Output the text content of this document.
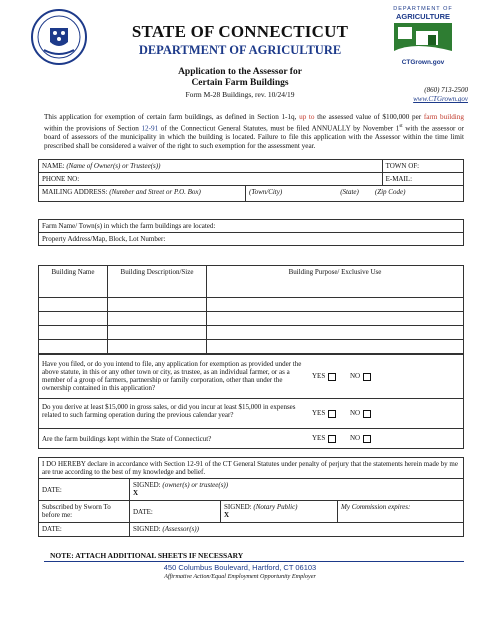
STATE OF CONNECTICUT
DEPARTMENT OF AGRICULTURE
DEPARTMENT OF
AGRICULTURE
CTGrown.gov
Application to the Assessor for
Certain Farm Buildings
Form M-28 Buildings, rev. 10/24/19	(860) 713-2500
www.CTGrown.gov
This application for exemption of certain farm buildings, as defined in Section 1-1q, up to the assessed value of $100,000 per farm building within the provisions of Section 12-91 of the Connecticut General Statutes, must be filed ANNUALLY by November 1st with the assessor or board of assessors of the municipality in which the building is located. Failure to file this application with the Assessor within the time limit prescribed shall be considered a waiver of the right to such exemption for the assessment year.
NAME: (Name of Owner(s) or Trustee(s))		TOWN OF:
PHONE NO:		E-MAIL:
MAILING ADDRESS: (Number and Street or P.O. Box)	(Town/City) (State) (Zip Code)	
Farm Name/ Town(s) in which the farm buildings are located:
Property Address/Map, Block, Lot Number:
Building Name	Building Description/Size	Building Purpose/ Exclusive Use

Have you filed, or do you intend to file, any application for exemption as provided under the above statute, in this or any other town or city, as trustee, as an individual farmer, or as a member of a group of farmers, partnership or family corporation, other than under the ownership contained in this application?	YES NO
Do you derive at least $15,000 in gross sales, or did you incur at least $15,000 in expenses related to such farming operation during the previous calendar year?	YES NO
Are the farm buildings kept within the State of Connecticut?	YES NO
I DO HEREBY declare in accordance with Section 12-91 of the CT General Statutes under penalty of perjury that the statements herein made by me are true according to the best of my knowledge and belief.			
DATE:	SIGNED: (owner(s) or trustee(s))
X		
Subscribed by Sworn To before me:	DATE:	SIGNED: (Notary Public)
X	My Commission expires:
DATE:	SIGNED: (Assessor(s))		
NOTE: ATTACH ADDITIONAL SHEETS IF NECESSARY
450 Columbus Boulevard, Hartford, CT 06103
Affirmative Action/Equal Employment Opportunity Employer
